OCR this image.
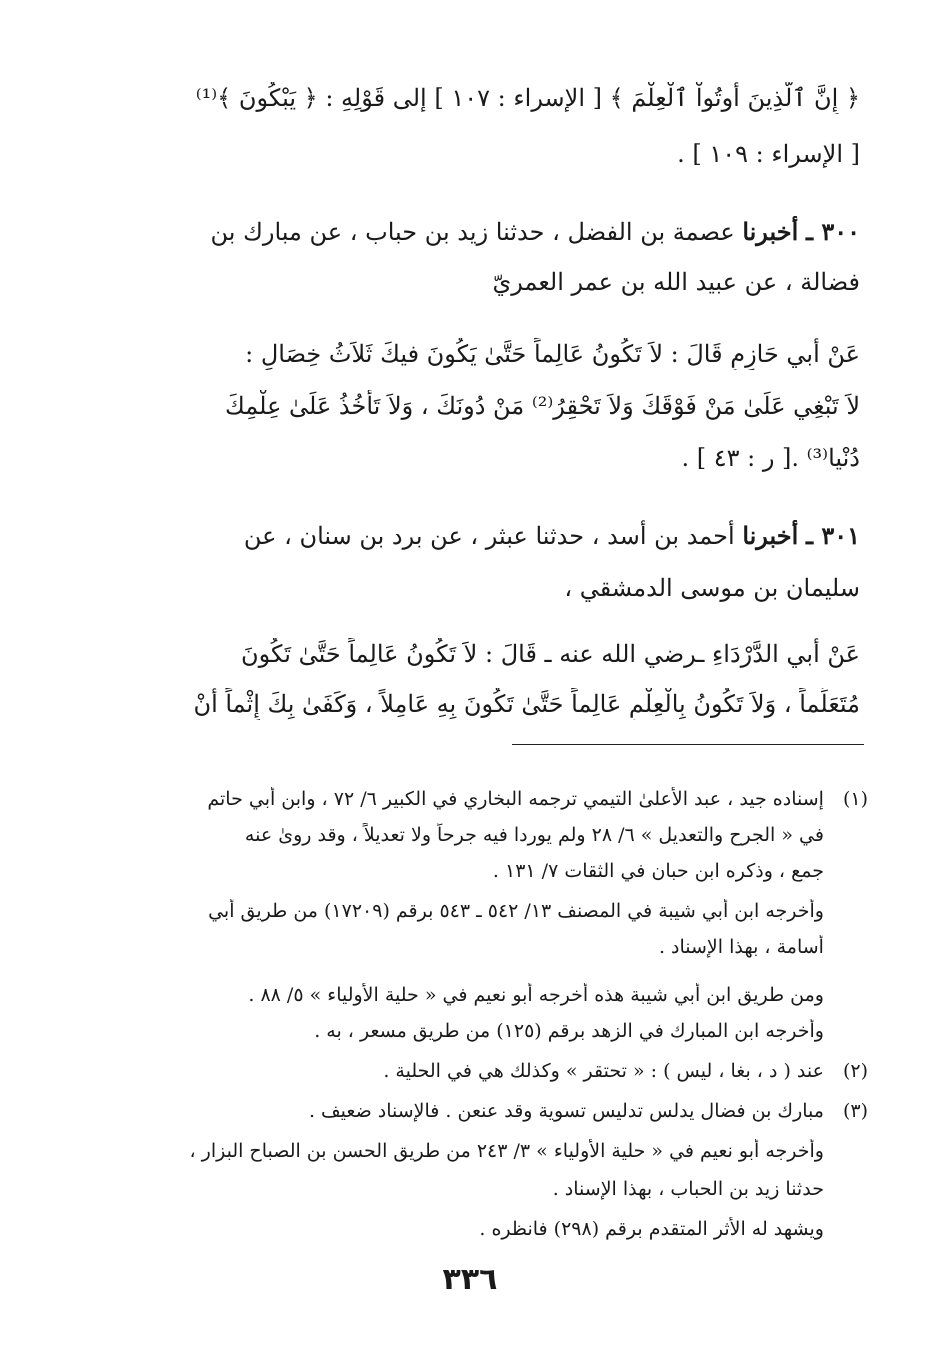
﴿ إِنَّ ٱلَّذِينَ أُوتُواْ ٱلْعِلْمَ ﴾ [ الإسراء : ١٠٧ ] إلى قَوْلِهِ : ﴿ يَبْكُونَ ﴾⁽¹⁾
[ الإسراء : ١٠٩ ] .
٣٠٠ ـ أخبرنا عصمة بن الفضل ، حدثنا زيد بن حباب ، عن مبارك بن
فضالة ، عن عبيد الله بن عمر العمريّ
عَنْ أَبي حَازِمٍ قَالَ : لاَ تَكُونُ عَالِماً حَتَّىٰ يَكُونَ فيكَ ثَلاَثُ خِصَالٍ :
لاَ تَبْغِي عَلَىٰ مَنْ فَوْقَكَ وَلاَ تَحْقِرُ⁽²⁾ مَنْ دُونَكَ ، وَلاَ تَأْخُذُ عَلَىٰ عِلْمِكَ
دُنْيا⁽³⁾ .[ ر : ٤٣ ] .
٣٠١ ـ أخبرنا أحمد بن أسد ، حدثنا عبثر ، عن برد بن سنان ، عن
سليمان بن موسى الدمشقي ،
عَنْ أَبي الدَّرْدَاءِ ـرضي الله عنه ـ قَالَ : لاَ تَكُونُ عَالِماً حَتَّىٰ تَكُونَ
مُتَعَلِّماً ، وَلاَ تَكُونُ بِالْعِلْمِ عَالِماً حَتَّىٰ تَكُونَ بِهِ عَامِلاً ، وَكَفَىٰ بِكَ إِثْماً أَنْ
(١) إسناده جيد ، عبد الأعلىٰ التيمي ترجمه البخاري في الكبير ٦/ ٧٢ ، وابن أبي حاتم
في « الجرح والتعديل » ٦/ ٢٨ ولم يوردا فيه جرحاً ولا تعديلاً ، وقد روىٰ عنه
جمع ، وذكره ابن حبان في الثقات ٧/ ١٣١ .
وأخرجه ابن أبي شيبة في المصنف ١٣/ ٥٤٢ ـ ٥٤٣ برقم (١٧٢٠٩) من طريق أبي
أسامة ، بهذا الإسناد .
ومن طريق ابن أبي شيبة هذه أخرجه أبو نعيم في « حلية الأولياء » ٥/ ٨٨ .
وأخرجه ابن المبارك في الزهد برقم (١٢٥) من طريق مسعر ، به .
(٢) عند ( د ، بغا ، ليس ) : « تحتقر » وكذلك هي في الحلية .
(٣) مبارك بن فضال يدلس تدليس تسوية وقد عنعن . فالإسناد ضعيف .
وأخرجه أبو نعيم في « حلية الأولياء » ٣/ ٢٤٣ من طريق الحسن بن الصباح البزار ،
حدثنا زيد بن الحباب ، بهذا الإسناد .
ويشهد له الأثر المتقدم برقم (٢٩٨) فانظره .
٣٣٦
